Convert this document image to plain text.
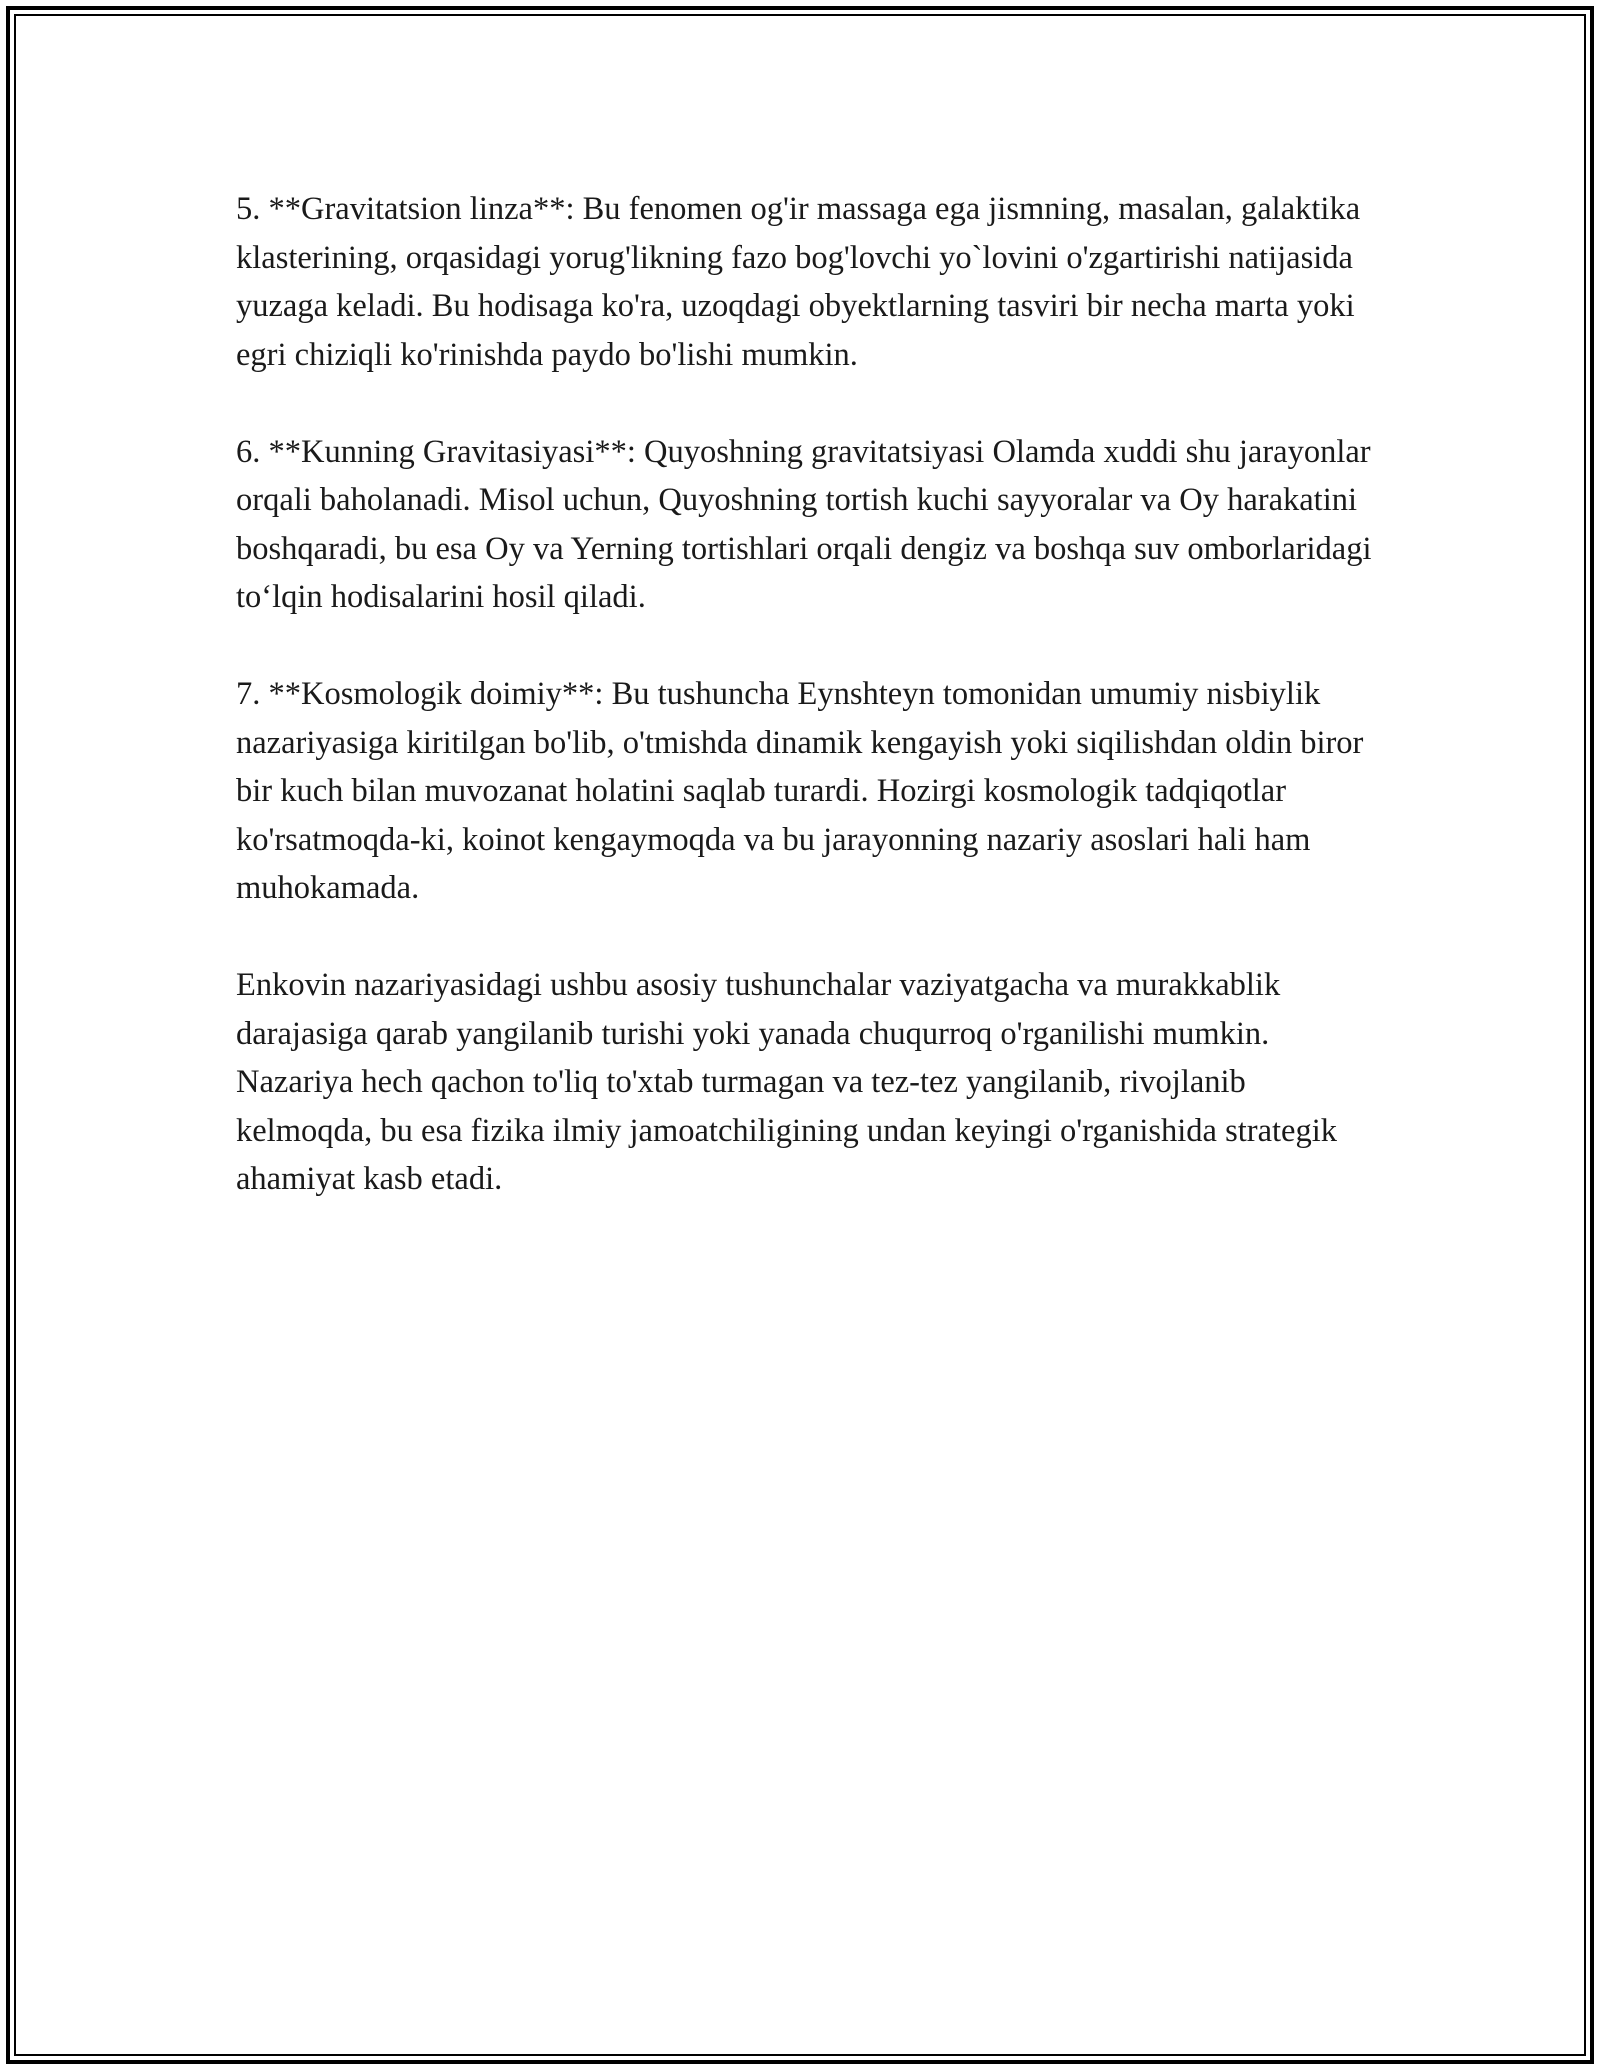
5. **Gravitatsion linza**: Bu fenomen og'ir massaga ega jismning, masalan, galaktika klasterining, orqasidagi yorug'likning fazo bog'lovchi yo`lovini o'zgartirishi natijasida yuzaga keladi. Bu hodisaga ko'ra, uzoqdagi obyektlarning tasviri bir necha marta yoki egri chiziqli ko'rinishda paydo bo'lishi mumkin.

6. **Kunning Gravitasiyasi**: Quyoshning gravitatsiyasi Olamda xuddi shu jarayonlar orqali baholanadi. Misol uchun, Quyoshning tortish kuchi sayyoralar va Oy harakatini boshqaradi, bu esa Oy va Yerning tortishlari orqali dengiz va boshqa suv omborlaridagi to‘lqin hodisalarini hosil qiladi.

7. **Kosmologik doimiy**: Bu tushuncha Eynshteyn tomonidan umumiy nisbiylik nazariyasiga kiritilgan bo'lib, o'tmishda dinamik kengayish yoki siqilishdan oldin biror bir kuch bilan muvozanat holatini saqlab turardi. Hozirgi kosmologik tadqiqotlar ko'rsatmoqda-ki, koinot kengaymoqda va bu jarayonning nazariy asoslari hali ham muhokamada.

Enkovin nazariyasidagi ushbu asosiy tushunchalar vaziyatgacha va murakkablik darajasiga qarab yangilanib turishi yoki yanada chuqurroq o'rganilishi mumkin. Nazariya hech qachon to'liq to'xtab turmagan va tez-tez yangilanib, rivojlanib kelmoqda, bu esa fizika ilmiy jamoatchiligining undan keyingi o'rganishida strategik ahamiyat kasb etadi.
